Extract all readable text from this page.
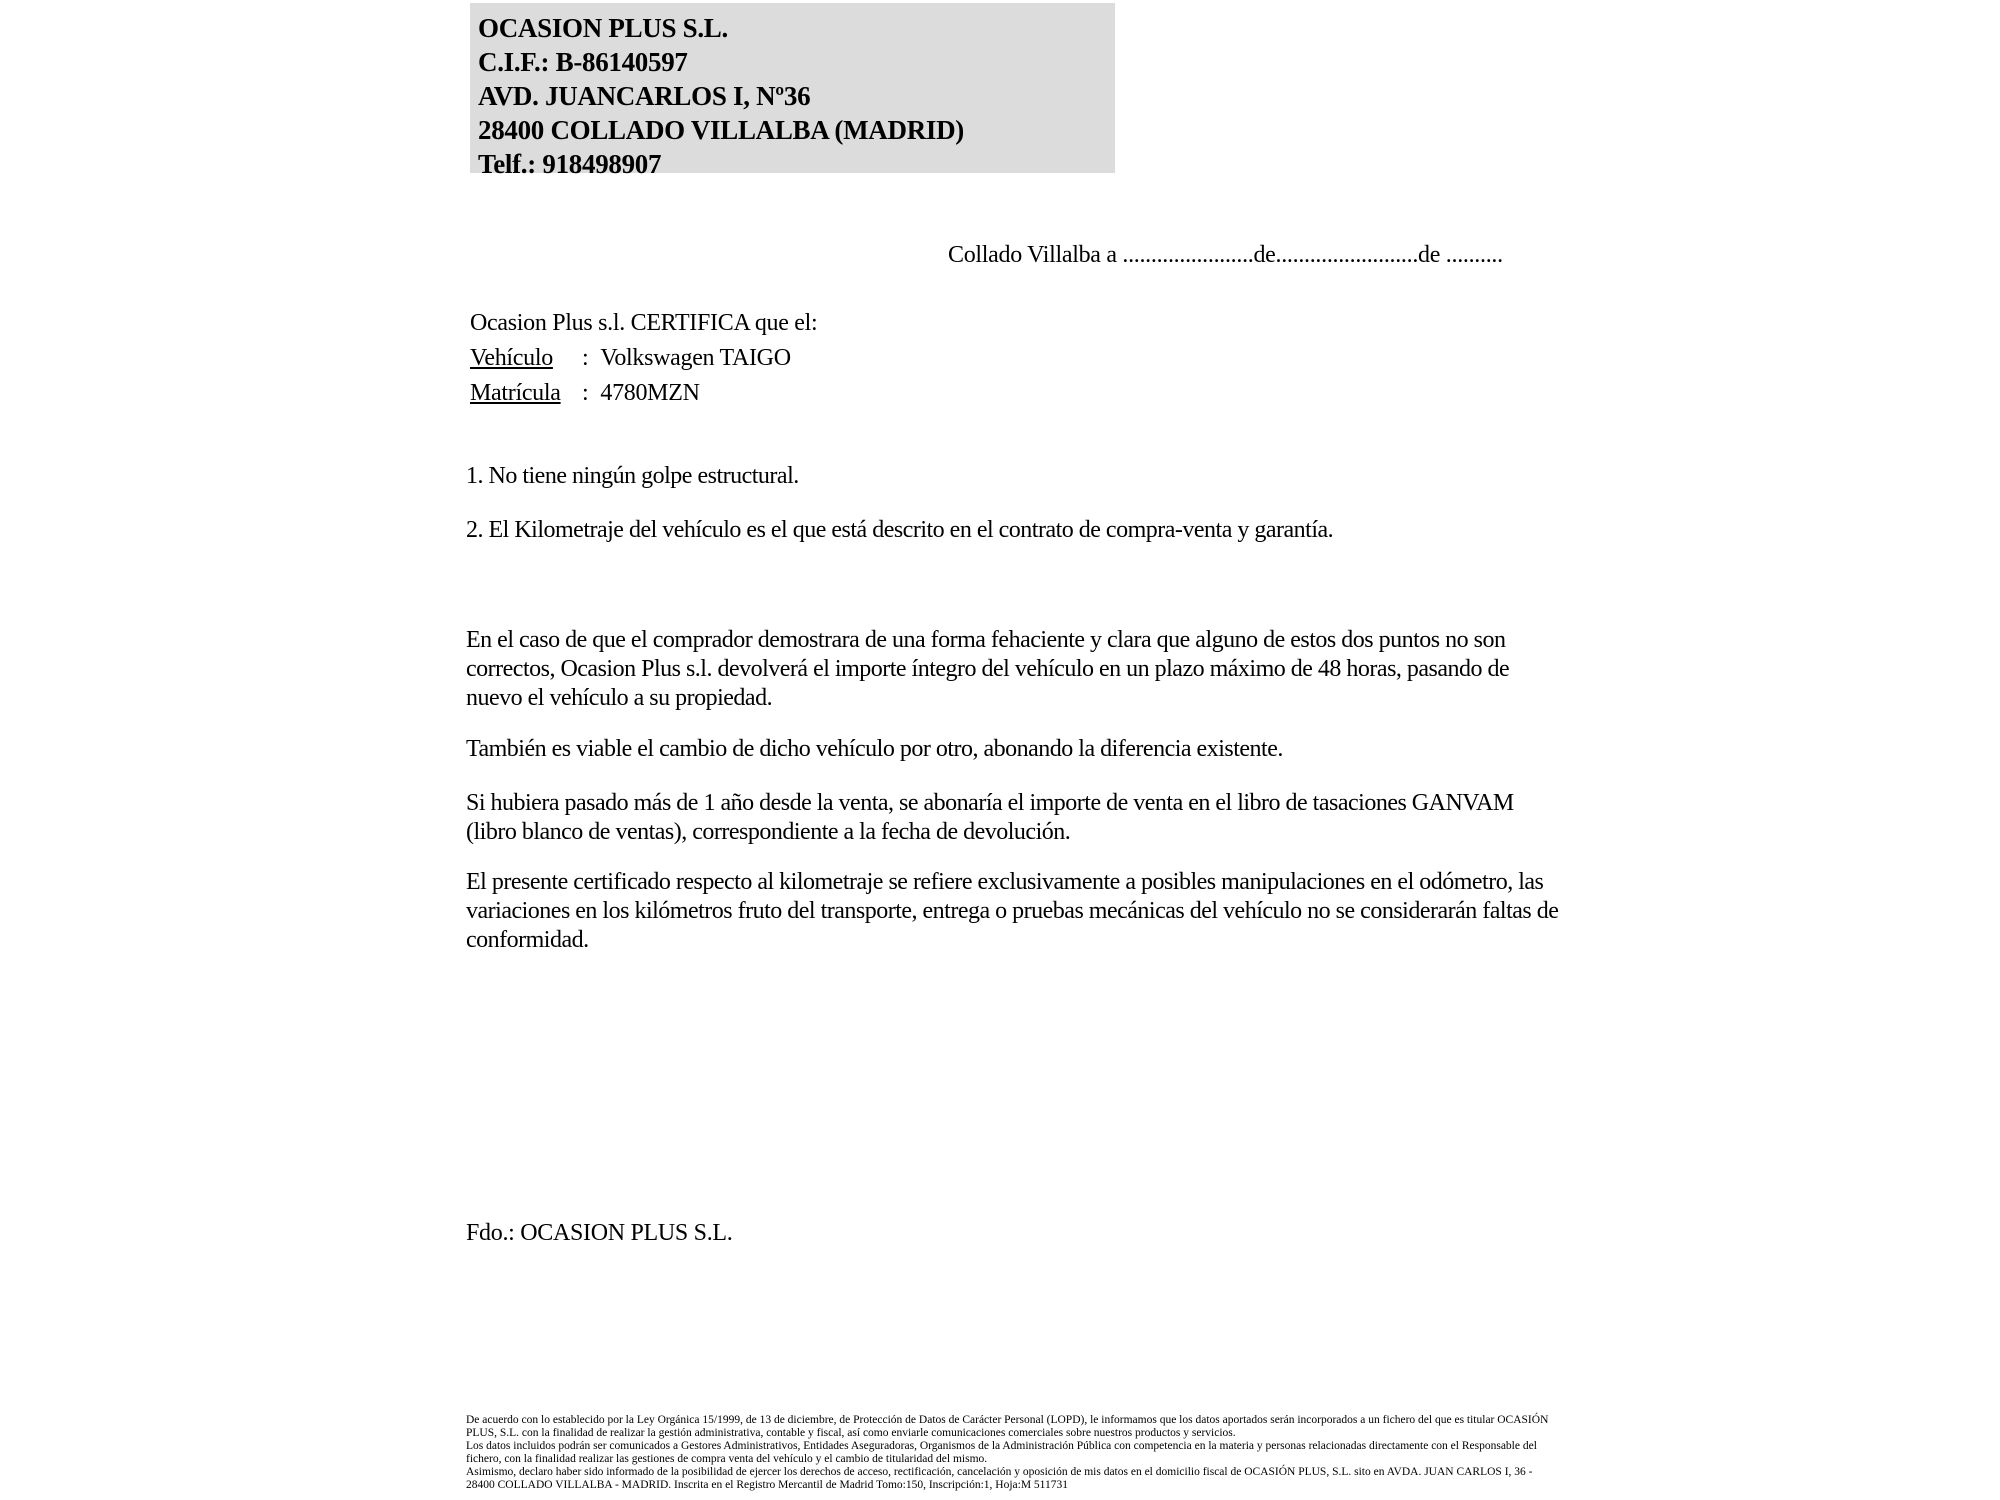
OCASION PLUS S.L.
C.I.F.: B-86140597
AVD. JUANCARLOS I, Nº36
28400 COLLADO VILLALBA (MADRID)
Telf.: 918498907
Collado Villalba a .......................de.........................de ..........
Ocasion Plus s.l. CERTIFICA que el:
Vehículo : Volkswagen TAIGO
Matrícula : 4780MZN
1. No tiene ningún golpe estructural.
2. El Kilometraje del vehículo es el que está descrito en el contrato de compra-venta y garantía.
En el caso de que el comprador demostrara de una forma fehaciente y clara que alguno de estos dos puntos no son correctos, Ocasion Plus s.l. devolverá el importe íntegro del vehículo en un plazo máximo de 48 horas, pasando de nuevo el vehículo a su propiedad.
También es viable el cambio de dicho vehículo por otro, abonando la diferencia existente.
Si hubiera pasado más de 1 año desde la venta, se abonaría el importe de venta en el libro de tasaciones GANVAM (libro blanco de ventas), correspondiente a la fecha de devolución.
El presente certificado respecto al kilometraje se refiere exclusivamente a posibles manipulaciones en el odómetro, las variaciones en los kilómetros fruto del transporte, entrega o pruebas mecánicas del vehículo no se considerarán faltas de conformidad.
Fdo.: OCASION PLUS S.L.

De acuerdo con lo establecido por la Ley Orgánica 15/1999, de 13 de diciembre, de Protección de Datos de Carácter Personal (LOPD), le informamos que los datos aportados serán incorporados a un fichero del que es titular OCASIÓN PLUS, S.L. con la finalidad de realizar la gestión administrativa, contable y fiscal, así como enviarle comunicaciones comerciales sobre nuestros productos y servicios.

Los datos incluidos podrán ser comunicados a Gestores Administrativos, Entidades Aseguradoras, Organismos de la Administración Pública con competencia en la materia y personas relacionadas directamente con el Responsable del fichero, con la finalidad realizar las gestiones de compra venta del vehículo y el cambio de titularidad del mismo.

Asimismo, declaro haber sido informado de la posibilidad de ejercer los derechos de acceso, rectificación, cancelación y oposición de mis datos en el domicilio fiscal de OCASIÓN PLUS, S.L. sito en AVDA. JUAN CARLOS I, 36 - 28400 COLLADO VILLALBA - MADRID. Inscrita en el Registro Mercantil de Madrid Tomo:150, Inscripción:1, Hoja:M 511731
